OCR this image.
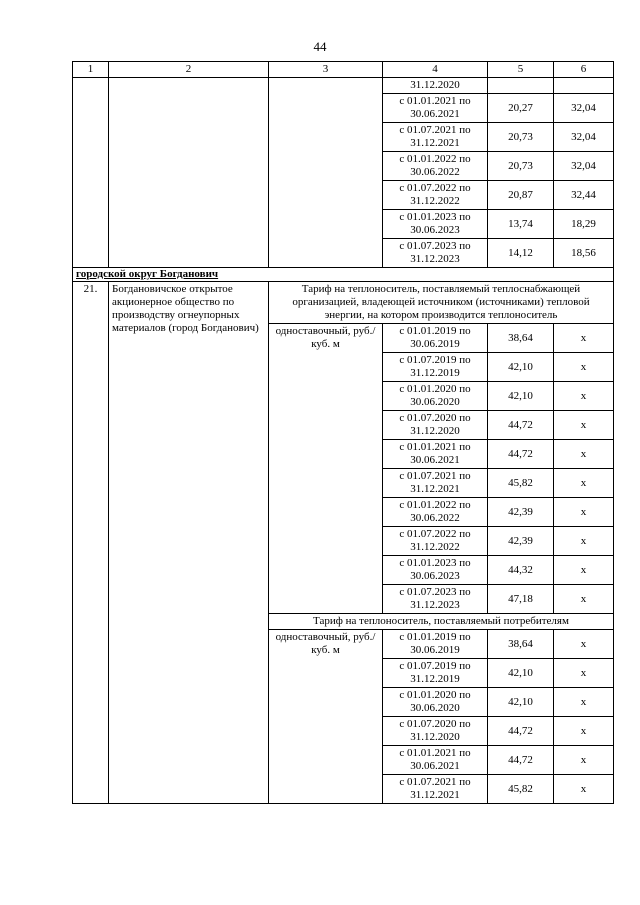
44
1	2	3	4	5	6
			31.12.2020		
			с 01.01.2021 по 30.06.2021	20,27	32,04
			с 01.07.2021 по 31.12.2021	20,73	32,04
			с 01.01.2022 по 30.06.2022	20,73	32,04
			с 01.07.2022 по 31.12.2022	20,87	32,44
			с 01.01.2023 по 30.06.2023	13,74	18,29
			с 01.07.2023 по 31.12.2023	14,12	18,56
городской округ Богданович					
21.	Богдановичское открытое акционерное общество по производству огнеупорных материалов (город Богданович)	Тариф на теплоноситель, поставляемый теплоснабжающей организацией, владеющей источником (источниками) тепловой энергии, на котором производится теплоноситель			
		одноставочный, руб./куб. м	с 01.01.2019 по 30.06.2019	38,64	х
			с 01.07.2019 по 31.12.2019	42,10	х
			с 01.01.2020 по 30.06.2020	42,10	х
			с 01.07.2020 по 31.12.2020	44,72	х
			с 01.01.2021 по 30.06.2021	44,72	х
			с 01.07.2021 по 31.12.2021	45,82	х
			с 01.01.2022 по 30.06.2022	42,39	х
			с 01.07.2022 по 31.12.2022	42,39	х
			с 01.01.2023 по 30.06.2023	44,32	х
			с 01.07.2023 по 31.12.2023	47,18	х
		Тариф на теплоноситель, поставляемый потребителям			
		одноставочный, руб./куб. м	с 01.01.2019 по 30.06.2019	38,64	х
			с 01.07.2019 по 31.12.2019	42,10	х
			с 01.01.2020 по 30.06.2020	42,10	х
			с 01.07.2020 по 31.12.2020	44,72	х
			с 01.01.2021 по 30.06.2021	44,72	х
			с 01.07.2021 по 31.12.2021	45,82	х
